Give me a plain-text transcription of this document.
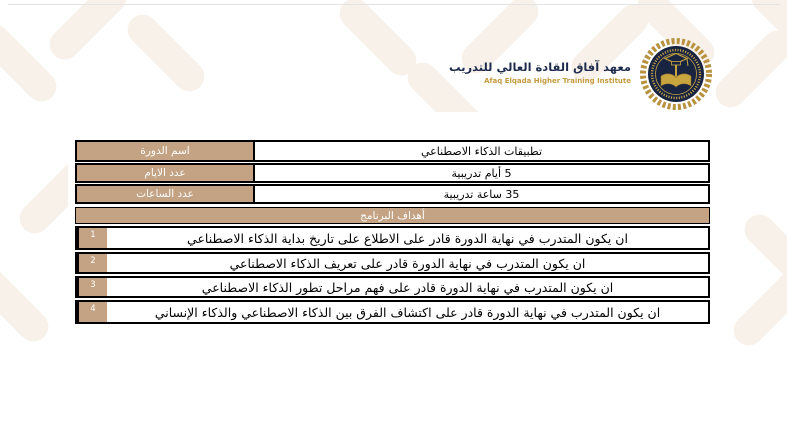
معهد آفاق القادة العالي للتدريب
Afaq Elqada Higher Training Institute
اسم الدورة	تطبيقات الذكاء الاصطناعي
عدد الايام	5 أيام تدريبية
عدد الساعات	35 ساعة تدريبية
أهداف البرنامج
1	ان يكون المتدرب في نهاية الدورة قادر على الاطلاع على تاريخ بداية الذكاء الاصطناعي
2	ان يكون المتدرب في نهاية الدورة قادر على تعريف الذكاء الاصطناعي
3	ان يكون المتدرب في نهاية الدورة قادر على فهم مراحل تطور الذكاء الاصطناعي
4	ان يكون المتدرب في نهاية الدورة قادر على اكتشاف الفرق بين الذكاء الاصطناعي والذكاء الإنساني
